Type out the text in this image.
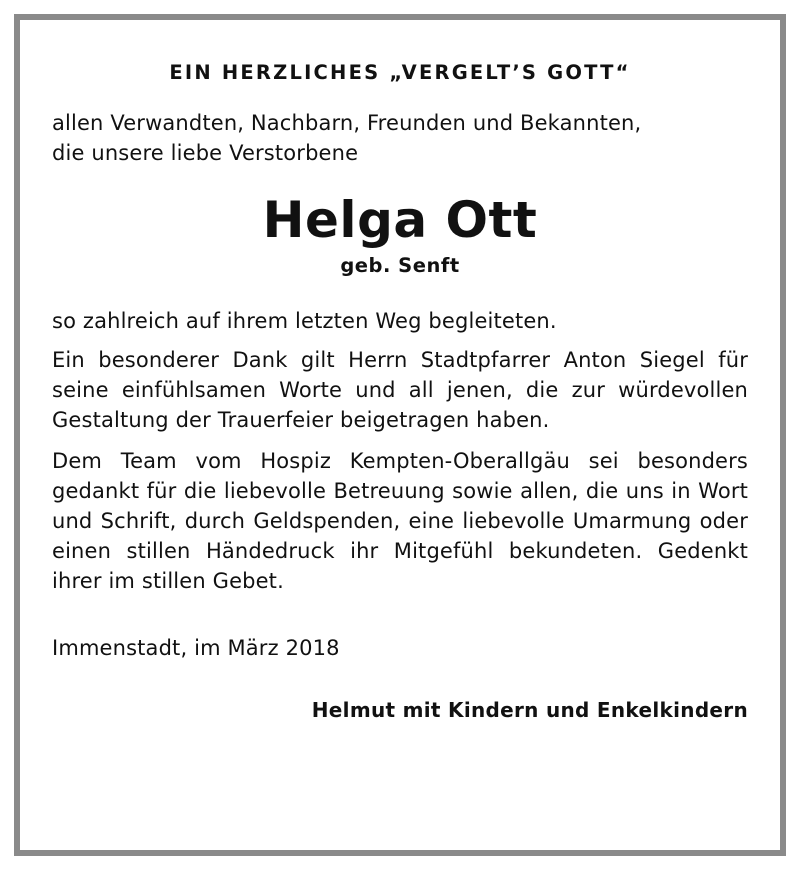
EIN HERZLICHES „VERGELT’S GOTT“

allen Verwandten, Nachbarn, Freunden und Bekannten,

die unsere liebe Verstorbene

Helga Ott

geb. Senft

so zahlreich auf ihrem letzten Weg begleiteten.

Ein besonderer Dank gilt Herrn Stadtpfarrer Anton Siegel für seine einfühlsamen Worte und all jenen, die zur würdevollen Gestaltung der Trauerfeier beigetragen haben.

Dem Team vom Hospiz Kempten-Oberallgäu sei besonders gedankt für die liebevolle Betreuung sowie allen, die uns in Wort und Schrift, durch Geldspenden, eine liebevolle Umarmung oder einen stillen Händedruck ihr Mitgefühl bekundeten. Gedenkt ihrer im stillen Gebet.

Immenstadt, im März 2018

Helmut mit Kindern und Enkelkindern
